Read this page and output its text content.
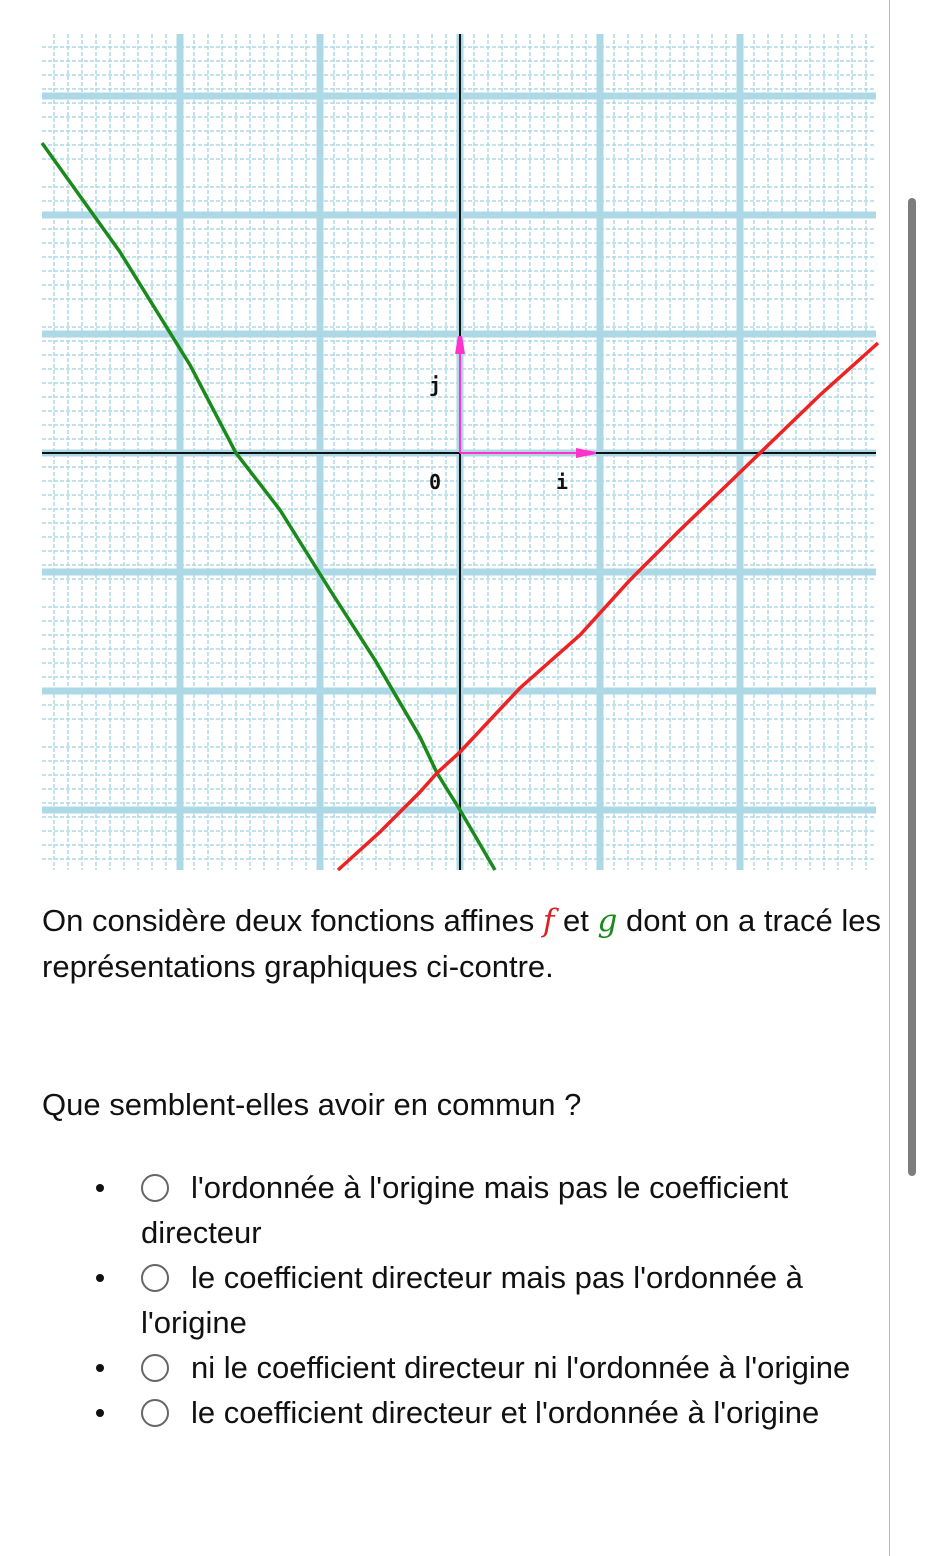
0	i
j

On considère deux fonctions affines f et g dont on a tracé les représentations graphiques ci-contre.

Que semblent-elles avoir en commun ?

l'ordonnée à l'origine mais pas le coefficient directeur
le coefficient directeur mais pas l'ordonnée à l'origine
ni le coefficient directeur ni l'ordonnée à l'origine
le coefficient directeur et l'ordonnée à l'origine
